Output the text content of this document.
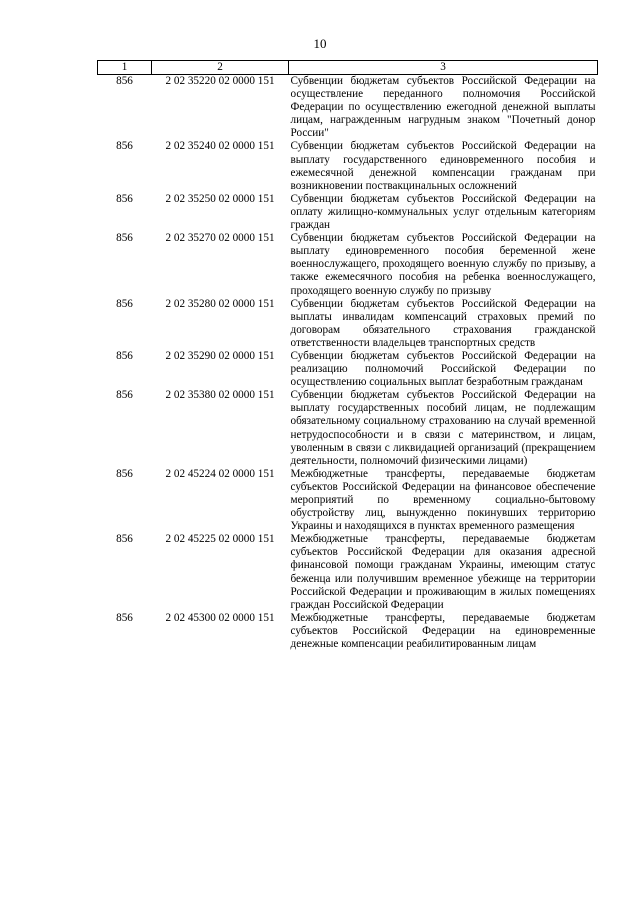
10
1	2	3
856	2 02 35220 02 0000 151	Субвенции бюджетам субъектов Российской Федерации на осуществление переданного полномочия Российской Федерации по осуществлению ежегодной денежной выплаты лицам, награжденным нагрудным знаком "Почетный донор России"
856	2 02 35240 02 0000 151	Субвенции бюджетам субъектов Российской Федерации на выплату государственного единовременного пособия и ежемесячной денежной компенсации гражданам при возникновении поствакцинальных осложнений
856	2 02 35250 02 0000 151	Субвенции бюджетам субъектов Российской Федерации на оплату жилищно-коммунальных услуг отдельным категориям граждан
856	2 02 35270 02 0000 151	Субвенции бюджетам субъектов Российской Федерации на выплату единовременного пособия беременной жене военнослужащего, проходящего военную службу по призыву, а также ежемесячного пособия на ребенка военнослужащего, проходящего военную службу по призыву
856	2 02 35280 02 0000 151	Субвенции бюджетам субъектов Российской Федерации на выплаты инвалидам компенсаций страховых премий по договорам обязательного страхования гражданской ответственности владельцев транспортных средств
856	2 02 35290 02 0000 151	Субвенции бюджетам субъектов Российской Федерации на реализацию полномочий Российской Федерации по осуществлению социальных выплат безработным гражданам
856	2 02 35380 02 0000 151	Субвенции бюджетам субъектов Российской Федерации на выплату государственных пособий лицам, не подлежащим обязательному социальному страхованию на случай временной нетрудоспособности и в связи с материнством, и лицам, уволенным в связи с ликвидацией организаций (прекращением деятельности, полномочий физическими лицами)
856	2 02 45224 02 0000 151	Межбюджетные трансферты, передаваемые бюджетам субъектов Российской Федерации на финансовое обеспечение мероприятий по временному социально-бытовому обустройству лиц, вынужденно покинувших территорию Украины и находящихся в пунктах временного размещения
856	2 02 45225 02 0000 151	Межбюджетные трансферты, передаваемые бюджетам субъектов Российской Федерации для оказания адресной финансовой помощи гражданам Украины, имеющим статус беженца или получившим временное убежище на территории Российской Федерации и проживающим в жилых помещениях граждан Российской Федерации
856	2 02 45300 02 0000 151	Межбюджетные трансферты, передаваемые бюджетам субъектов Российской Федерации на единовременные денежные компенсации реабилитированным лицам
